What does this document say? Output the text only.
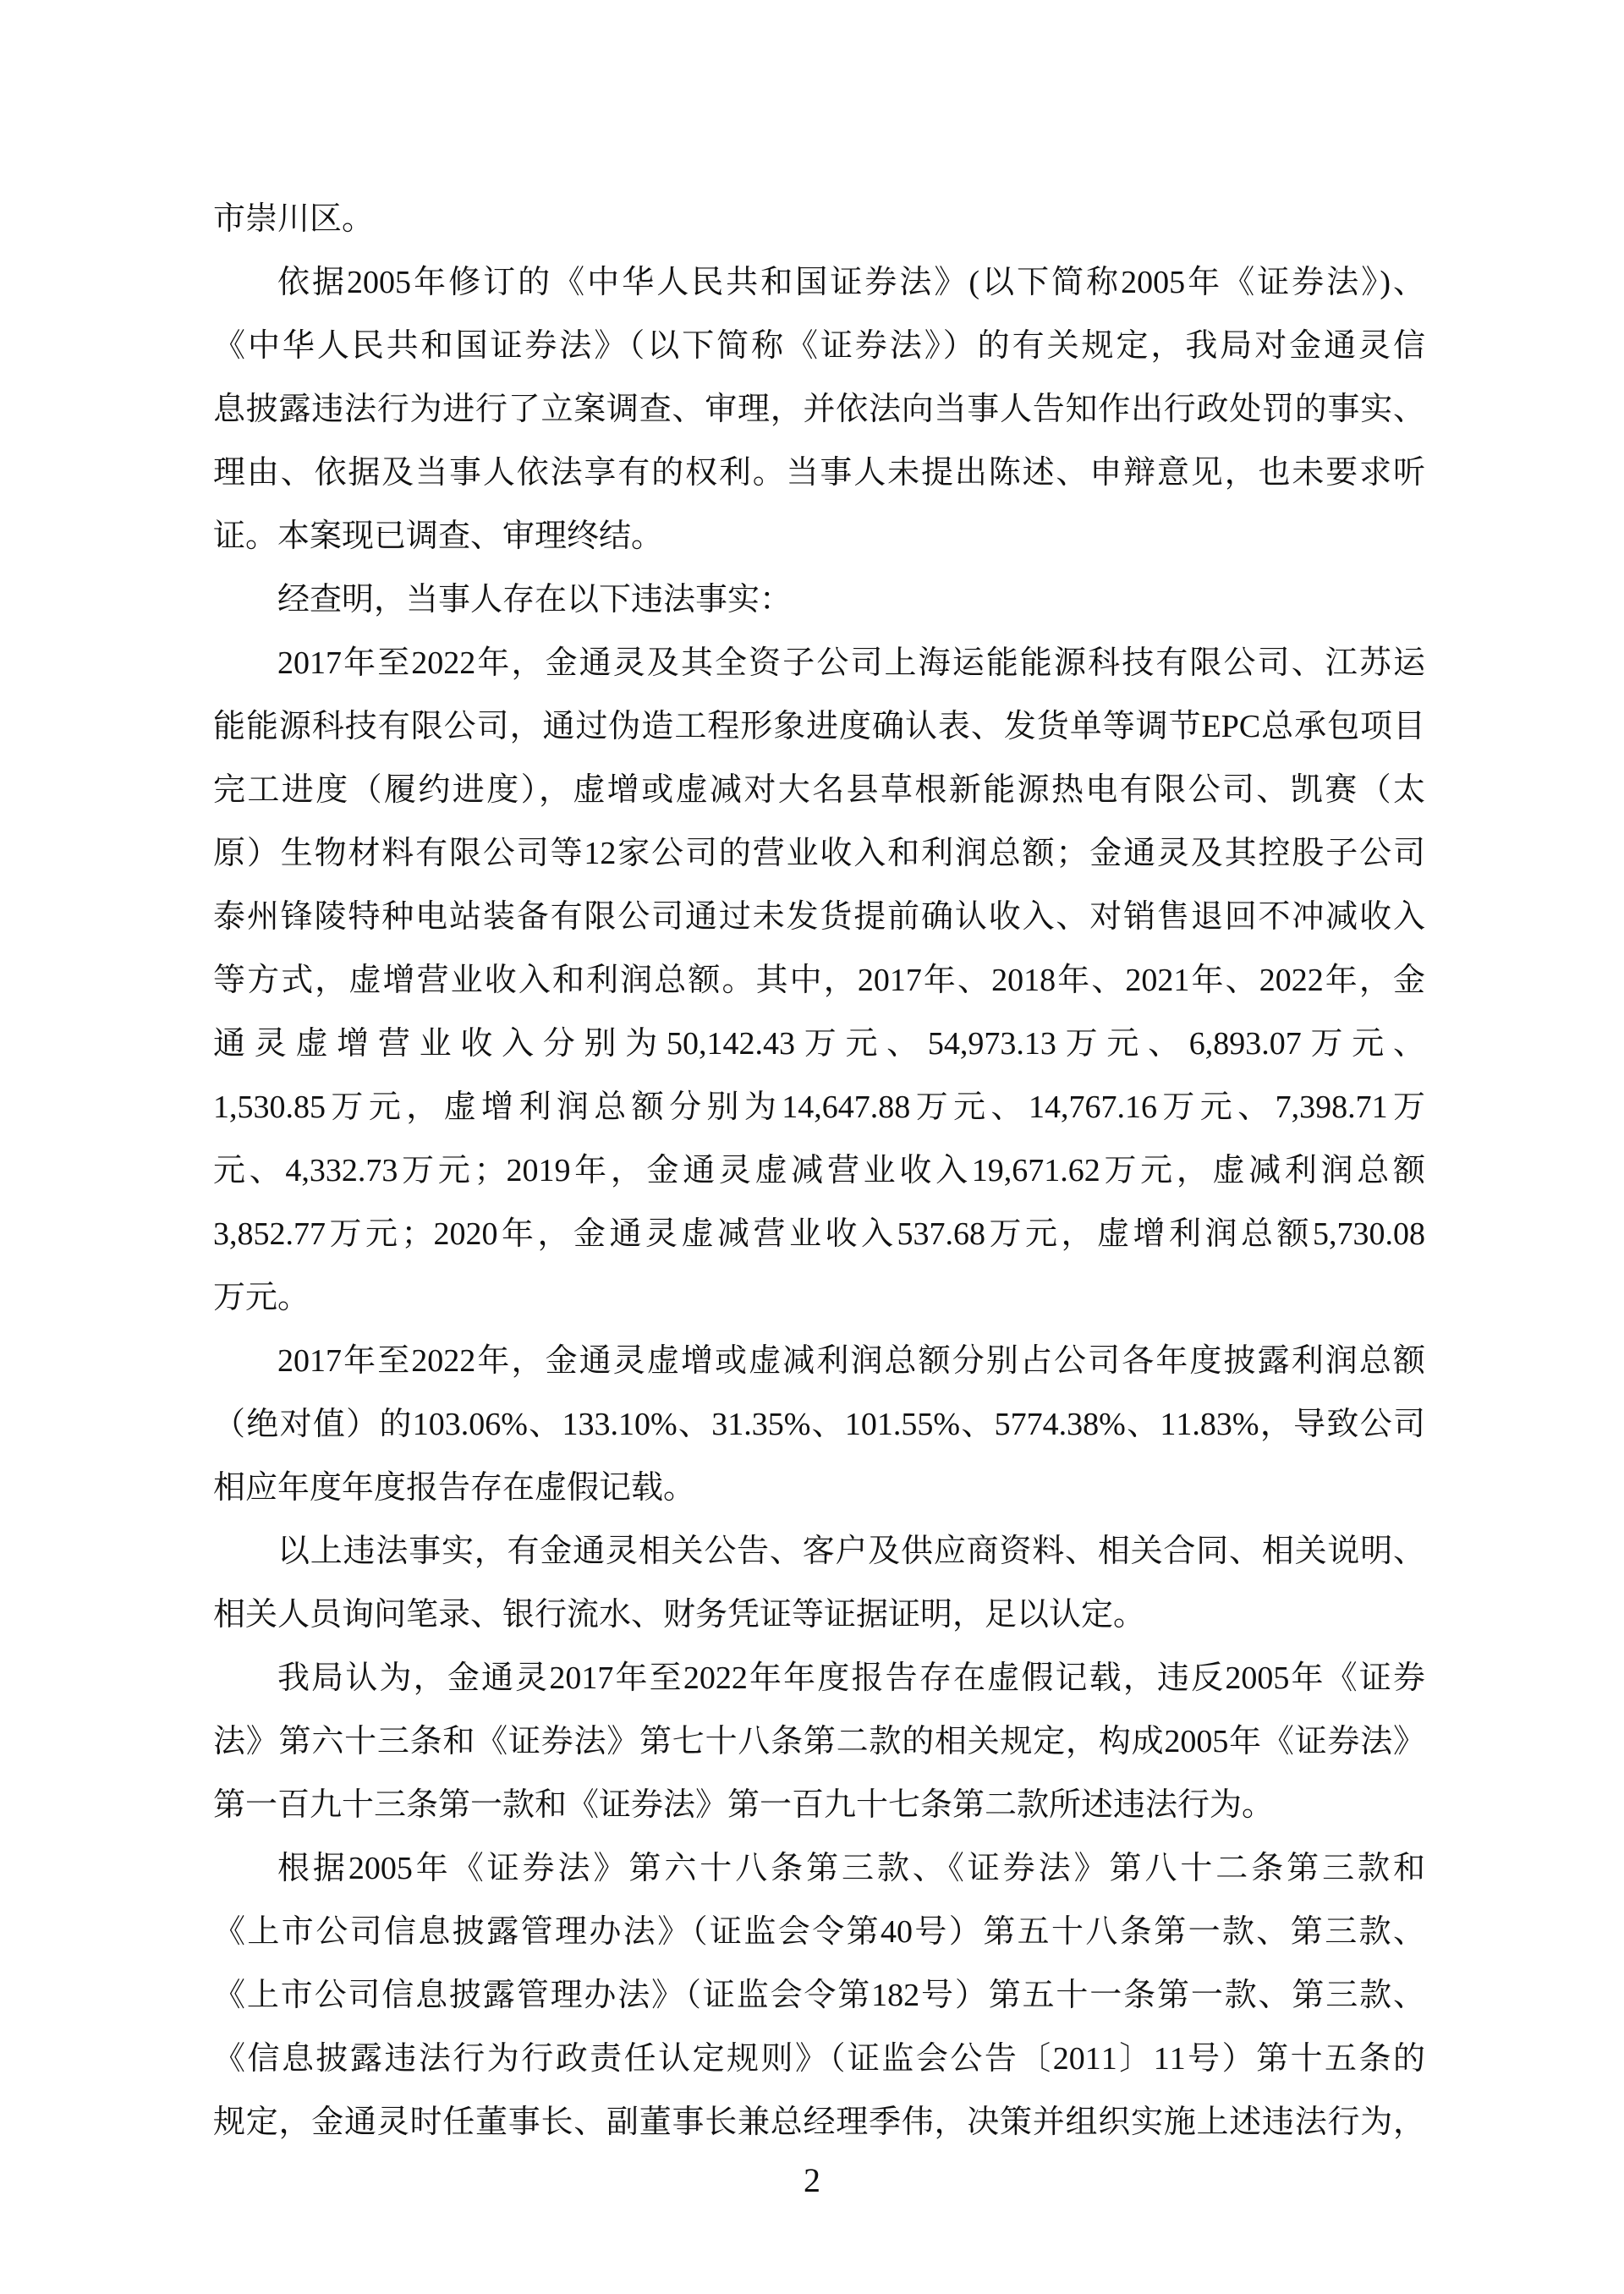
市崇川区。
依据2005年修订的《中华人民共和国证券法》(以下简称2005年《证券法》)、
《中华人民共和国证券法》（以下简称《证券法》）的有关规定，我局对金通灵信
息披露违法行为进行了立案调查、审理，并依法向当事人告知作出行政处罚的事实、
理由、依据及当事人依法享有的权利。当事人未提出陈述、申辩意见，也未要求听
证。本案现已调查、审理终结。
经查明，当事人存在以下违法事实：
2017年至2022年，金通灵及其全资子公司上海运能能源科技有限公司、江苏运
能能源科技有限公司，通过伪造工程形象进度确认表、发货单等调节EPC总承包项目
完工进度（履约进度），虚增或虚减对大名县草根新能源热电有限公司、凯赛（太
原）生物材料有限公司等12家公司的营业收入和利润总额；金通灵及其控股子公司
泰州锋陵特种电站装备有限公司通过未发货提前确认收入、对销售退回不冲减收入
等方式，虚增营业收入和利润总额。其中，2017年、2018年、2021年、2022年，金
通灵虚增营业收入分别为50,142.43万元、54,973.13万元、6,893.07万元、
1,530.85万元，虚增利润总额分别为14,647.88万元、14,767.16万元、7,398.71万
元、4,332.73万元；2019年，金通灵虚减营业收入19,671.62万元，虚减利润总额
3,852.77万元；2020年，金通灵虚减营业收入537.68万元，虚增利润总额5,730.08
万元。
2017年至2022年，金通灵虚增或虚减利润总额分别占公司各年度披露利润总额
（绝对值）的103.06%、133.10%、31.35%、101.55%、5774.38%、11.83%，导致公司
相应年度年度报告存在虚假记载。
以上违法事实，有金通灵相关公告、客户及供应商资料、相关合同、相关说明、
相关人员询问笔录、银行流水、财务凭证等证据证明，足以认定。
我局认为，金通灵2017年至2022年年度报告存在虚假记载，违反2005年《证券
法》第六十三条和《证券法》第七十八条第二款的相关规定，构成2005年《证券法》
第一百九十三条第一款和《证券法》第一百九十七条第二款所述违法行为。
根据2005年《证券法》第六十八条第三款、《证券法》第八十二条第三款和
《上市公司信息披露管理办法》（证监会令第40号）第五十八条第一款、第三款、
《上市公司信息披露管理办法》（证监会令第182号）第五十一条第一款、第三款、
《信息披露违法行为行政责任认定规则》（证监会公告〔2011〕11号）第十五条的
规定，金通灵时任董事长、副董事长兼总经理季伟，决策并组织实施上述违法行为，
2
